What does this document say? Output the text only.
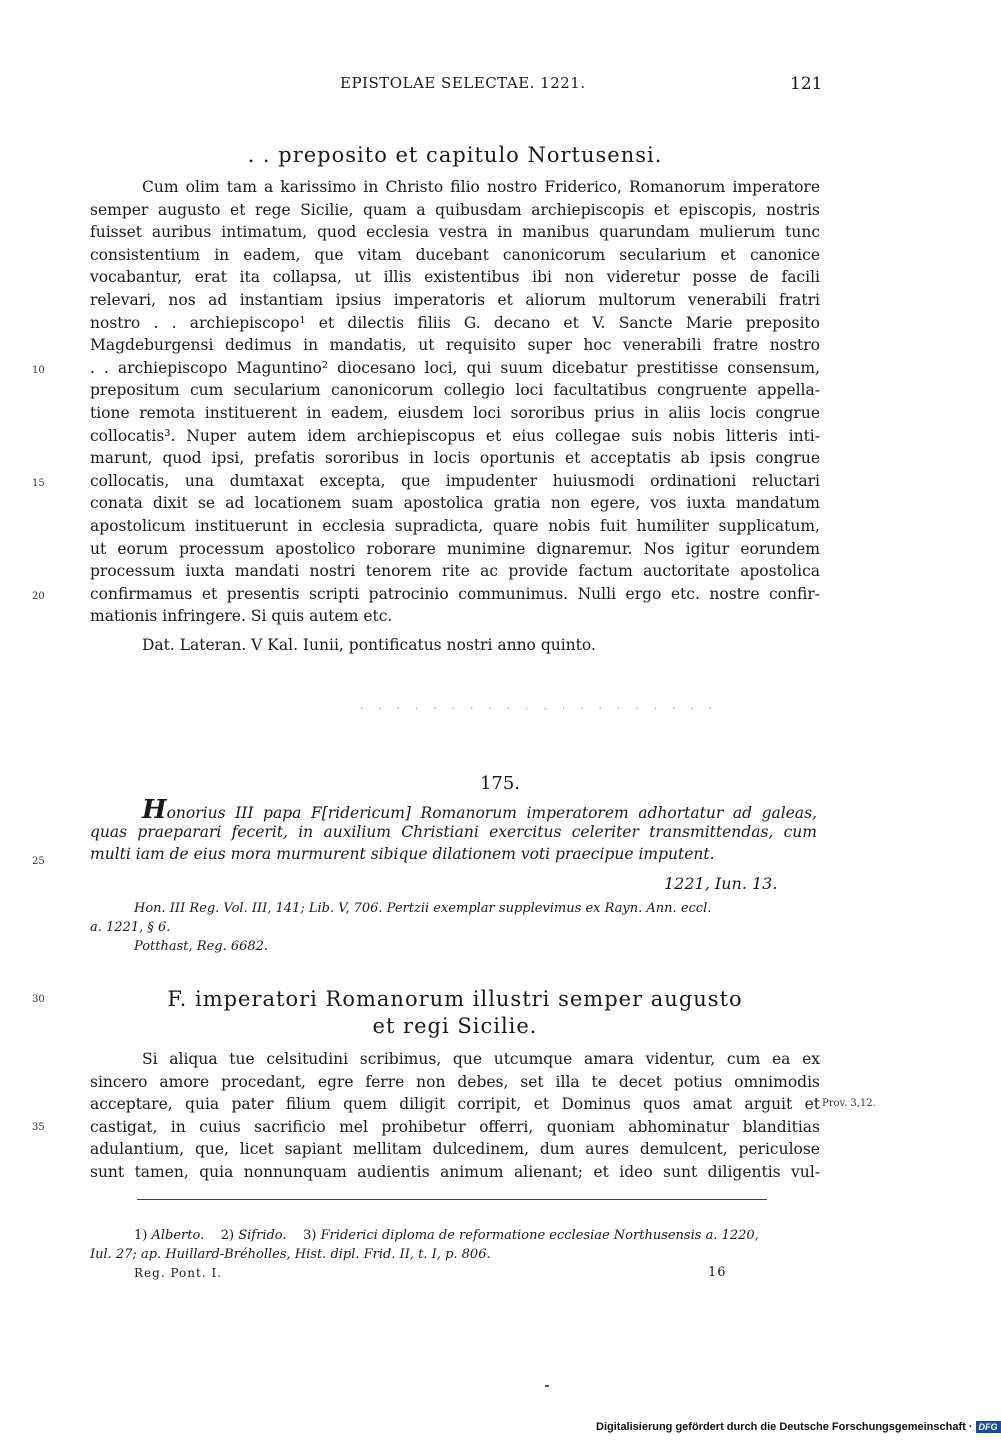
EPISTOLAE SELECTAE. 1221.	121
. . preposito et capitulo Nortusensi.
Cum olim tam a karissimo in Christo filio nostro Friderico, Romanorum imperatore
semper augusto et rege Sicilie, quam a quibusdam archiepiscopis et episcopis, nostris
fuisset auribus intimatum, quod ecclesia vestra in manibus quarundam mulierum tunc
consistentium in eadem, que vitam ducebant canonicorum secularium et canonice
vocabantur, erat ita collapsa, ut illis existentibus ibi non videretur posse de facili
relevari, nos ad instantiam ipsius imperatoris et aliorum multorum venerabili fratri
nostro . . archiepiscopo¹ et dilectis filiis G. decano et V. Sancte Marie preposito
Magdeburgensi dedimus in mandatis, ut requisito super hoc venerabili fratre nostro
. . archiepiscopo Maguntino² diocesano loci, qui suum dicebatur prestitisse consensum,
prepositum cum secularium canonicorum collegio loci facultatibus congruente appella-
tione remota instituerent in eadem, eiusdem loci sororibus prius in aliis locis congrue
collocatis³. Nuper autem idem archiepiscopus et eius collegae suis nobis litteris inti-
marunt, quod ipsi, prefatis sororibus in locis oportunis et acceptatis ab ipsis congrue
collocatis, una dumtaxat excepta, que impudenter huiusmodi ordinationi reluctari
conata dixit se ad locationem suam apostolica gratia non egere, vos iuxta mandatum
apostolicum instituerunt in ecclesia supradicta, quare nobis fuit humiliter supplicatum,
ut eorum processum apostolico roborare munimine dignaremur. Nos igitur eorundem
processum iuxta mandati nostri tenorem rite ac provide factum auctoritate apostolica
confirmamus et presentis scripti patrocinio communimus. Nulli ergo etc. nostre confir-
mationis infringere. Si quis autem etc.
Dat. Lateran. V Kal. Iunii, pontificatus nostri anno quinto.
10
15
20
25
30
35
· · · · · · · · · · · · · · · · · · · ·
175.
Honorius III papa F[ridericum] Romanorum imperatorem adhortatur ad galeas,
quas praeparari fecerit, in auxilium Christiani exercitus celeriter transmittendas, cum
multi iam de eius mora murmurent sibique dilationem voti praecipue imputent.
1221, Iun. 13.
Hon. III Reg. Vol. III, 141; Lib. V, 706. Pertzii exemplar supplevimus ex Rayn. Ann. eccl.
a. 1221, § 6.
Potthast, Reg. 6682.
F. imperatori Romanorum illustri semper augusto
et regi Sicilie.
Si aliqua tue celsitudini scribimus, que utcumque amara videntur, cum ea ex
sincero amore procedant, egre ferre non debes, set illa te decet potius omnimodis
acceptare, quia pater filium quem diligit corripit, et Dominus quos amat arguit et
castigat, in cuius sacrificio mel prohibetur offerri, quoniam abhominatur blanditias
adulantium, que, licet sapiant mellitam dulcedinem, dum aures demulcent, periculose
sunt tamen, quia nonnunquam audientis animum alienant; et ideo sunt diligentis vul-
Prov. 3,12.
1) Alberto. 2) Sifrido. 3) Friderici diploma de reformatione ecclesiae Northusensis a. 1220,
Iul. 27; ap. Huillard-Bréholles, Hist. dipl. Frid. II, t. I, p. 806.
Reg. Pont. I.	16
Digitalisierung gefördert durch die Deutsche Forschungsgemeinschaft · DFG
